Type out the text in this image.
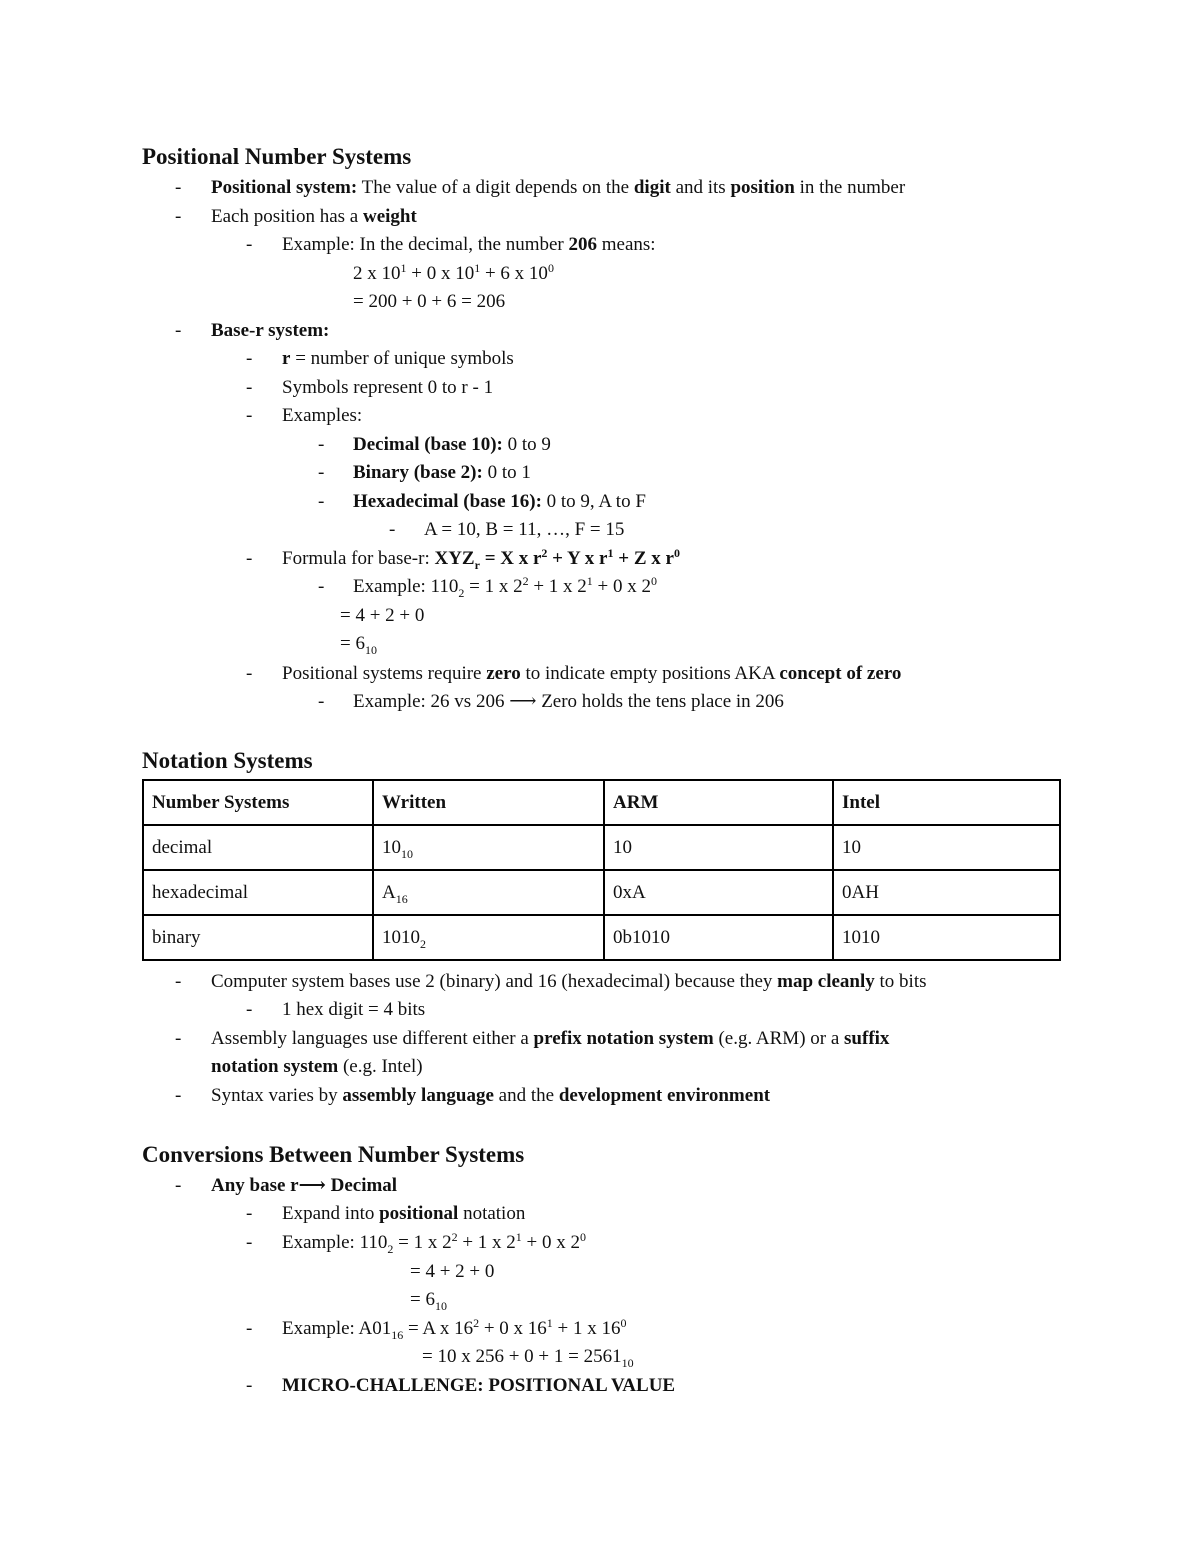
Positional Number Systems
- Positional system: The value of a digit depends on the digit and its position in the number
- Each position has a weight
- Example: In the decimal, the number 206 means:
2 x $10^1 + 0$ x $10^1 + 6$ x $10^0$
= 200 + 0 + 6 = 206
- Base-r system:
- r = number of unique symbols
- Symbols represent 0 to r - 1
- Examples:
- Decimal (base 10): 0 to 9
- Binary (base 2): 0 to 1
- Hexadecimal (base 16): 0 to 9, A to F
- A = 10, B = 11, …, F = 15
- Formula for base-r: $XYZ_r = X$ x $r^2 + Y$ x $r^1 + Z$ x $r^0$
- Example: $110_2 = 1$ x $2^2 + 1$ x $2^1 + 0$ x $2^0$
= 4 + 2 + 0
= $6_{10}$
- Positional systems require zero to indicate empty positions AKA concept of zero
- Example: 26 vs 206 ⟶ Zero holds the tens place in 206
Notation Systems
Number Systems	Written	ARM	Intel
decimal	$10_{10}$	10	10
hexadecimal	$A_{16}$	0xA	0AH
binary	$1010_2$	0b1010	1010
- Computer system bases use 2 (binary) and 16 (hexadecimal) because they map cleanly to bits
- 1 hex digit = 4 bits
- Assembly languages use different either a prefix notation system (e.g. ARM) or a suffix
notation system (e.g. Intel)
- Syntax varies by assembly language and the development environment
Conversions Between Number Systems
- Any base r⟶ Decimal
- Expand into positional notation
- Example: $110_2 = 1$ x $2^2 + 1$ x $2^1 + 0$ x $2^0$
= 4 + 2 + 0
= $6_{10}$
- Example: $A01_{16} = A$ x $16^2 + 0$ x $16^1 + 1$ x $16^0$
= 10 x $256 + 0 + 1 = 2561_{10}$
- MICRO-CHALLENGE: POSITIONAL VALUE
